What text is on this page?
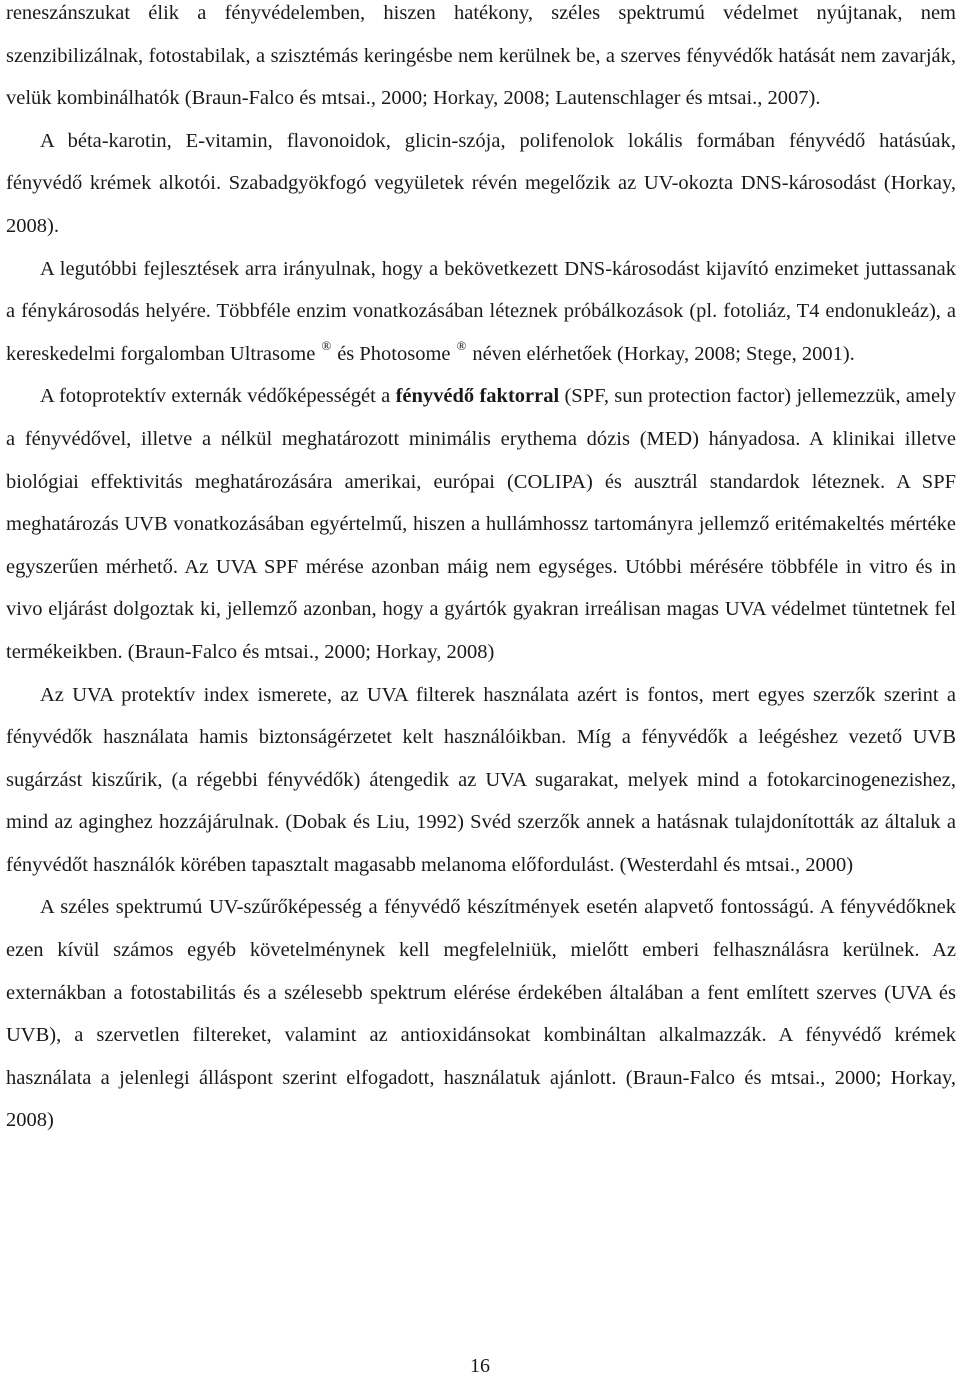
reneszánszukat élik a fényvédelemben, hiszen hatékony, széles spektrumú védelmet nyújtanak, nem szenzibilizálnak, fotostabilak, a szisztémás keringésbe nem kerülnek be, a szerves fényvédők hatását nem zavarják, velük kombinálhatók (Braun-Falco és mtsai., 2000; Horkay, 2008; Lautenschlager és mtsai., 2007).

A béta-karotin, E-vitamin, flavonoidok, glicin-szója, polifenolok lokális formában fényvédő hatásúak, fényvédő krémek alkotói. Szabadgyökfogó vegyületek révén megelőzik az UV-okozta DNS-károsodást (Horkay, 2008).

A legutóbbi fejlesztések arra irányulnak, hogy a bekövetkezett DNS-károsodást kijavító enzimeket juttassanak a fénykárosodás helyére. Többféle enzim vonatkozásában léteznek próbálkozások (pl. fotoliáz, T4 endonukleáz), a kereskedelmi forgalomban Ultrasome ® és Photosome ® néven elérhetőek (Horkay, 2008; Stege, 2001).

A fotoprotektív externák védőképességét a fényvédő faktorral (SPF, sun protection factor) jellemezzük, amely a fényvédővel, illetve a nélkül meghatározott minimális erythema dózis (MED) hányadosa. A klinikai illetve biológiai effektivitás meghatározására amerikai, európai (COLIPA) és ausztrál standardok léteznek. A SPF meghatározás UVB vonatkozásában egyértelmű, hiszen a hullámhossz tartományra jellemző eritémakeltés mértéke egyszerűen mérhető. Az UVA SPF mérése azonban máig nem egységes. Utóbbi mérésére többféle in vitro és in vivo eljárást dolgoztak ki, jellemző azonban, hogy a gyártók gyakran irreálisan magas UVA védelmet tüntetnek fel termékeikben. (Braun-Falco és mtsai., 2000; Horkay, 2008)

Az UVA protektív index ismerete, az UVA filterek használata azért is fontos, mert egyes szerzők szerint a fényvédők használata hamis biztonságérzetet kelt használóikban. Míg a fényvédők a leégéshez vezető UVB sugárzást kiszűrik, (a régebbi fényvédők) átengedik az UVA sugarakat, melyek mind a fotokarcinogenezishez, mind az aginghez hozzájárulnak. (Dobak és Liu, 1992) Svéd szerzők annek a hatásnak tulajdonították az általuk a fényvédőt használók körében tapasztalt magasabb melanoma előfordulást. (Westerdahl és mtsai., 2000)

A széles spektrumú UV-szűrőképesség a fényvédő készítmények esetén alapvető fontosságú. A fényvédőknek ezen kívül számos egyéb követelménynek kell megfelelniük, mielőtt emberi felhasználásra kerülnek. Az externákban a fotostabilitás és a szélesebb spektrum elérése érdekében általában a fent említett szerves (UVA és UVB), a szervetlen filtereket, valamint az antioxidánsokat kombináltan alkalmazzák. A fényvédő krémek használata a jelenlegi álláspont szerint elfogadott, használatuk ajánlott. (Braun-Falco és mtsai., 2000; Horkay, 2008)

16
